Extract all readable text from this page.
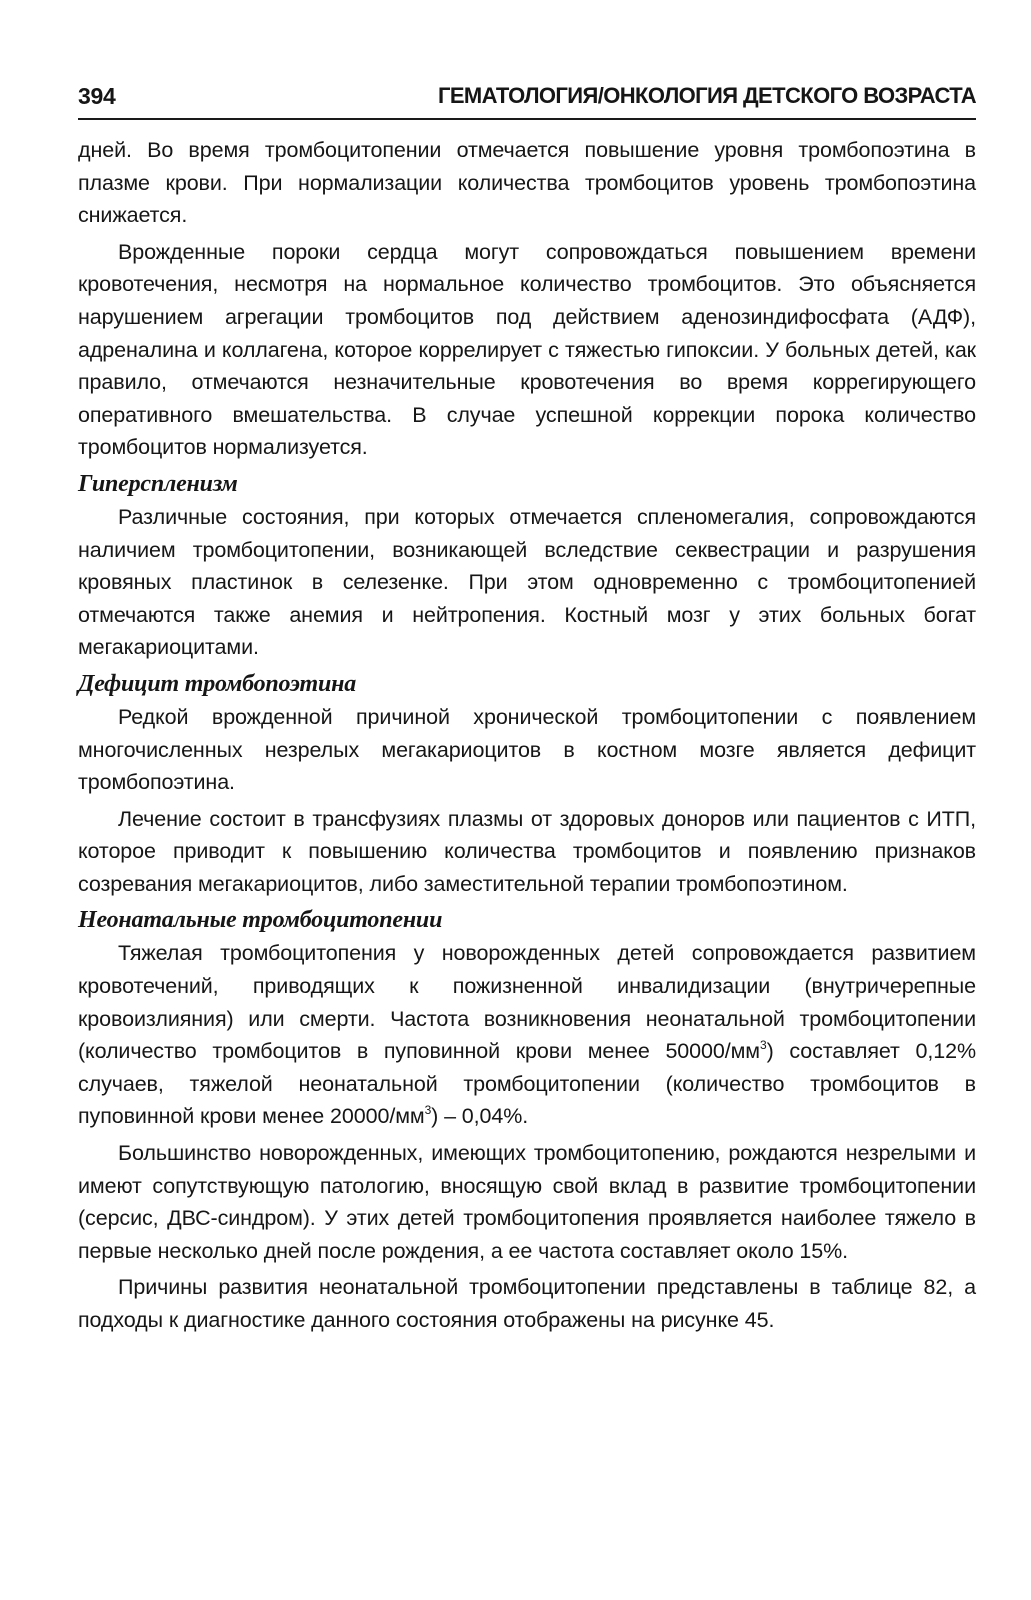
394	ГЕМАТОЛОГИЯ/ОНКОЛОГИЯ ДЕТСКОГО ВОЗРАСТА

дней. Во время тромбоцитопении отмечается повышение уровня тромбопоэтина в плазме крови. При нормализации количества тромбоцитов уровень тромбопоэтина снижается.

Врожденные пороки сердца могут сопровождаться повышением времени кровотечения, несмотря на нормальное количество тромбоцитов. Это объясняется нарушением агрегации тромбоцитов под действием аденозиндифосфата (АДФ), адреналина и коллагена, которое коррелирует с тяжестью гипоксии. У больных детей, как правило, отмечаются незначительные кровотечения во время коррегирующего оперативного вмешательства. В случае успешной коррекции порока количество тромбоцитов нормализуется.

Гиперспленизм

Различные состояния, при которых отмечается спленомегалия, сопровождаются наличием тромбоцитопении, возникающей вследствие секвестрации и разрушения кровяных пластинок в селезенке. При этом одновременно с тромбоцитопенией отмечаются также анемия и нейтропения. Костный мозг у этих больных богат мегакариоцитами.

Дефицит тромбопоэтина

Редкой врожденной причиной хронической тромбоцитопении с появлением многочисленных незрелых мегакариоцитов в костном мозге является дефицит тромбопоэтина.

Лечение состоит в трансфузиях плазмы от здоровых доноров или пациентов с ИТП, которое приводит к повышению количества тромбоцитов и появлению признаков созревания мегакариоцитов, либо заместительной терапии тромбопоэтином.

Неонатальные тромбоцитопении

Тяжелая тромбоцитопения у новорожденных детей сопровождается развитием кровотечений, приводящих к пожизненной инвалидизации (внутричерепные кровоизлияния) или смерти. Частота возникновения неонатальной тромбоцитопении (количество тромбоцитов в пуповинной крови менее $50000/мм^3$) составляет 0,12% случаев, тяжелой неонатальной тромбоцитопении (количество тромбоцитов в пуповинной крови менее $20000/мм^3) - 0,04\%$.

Большинство новорожденных, имеющих тромбоцитопению, рождаются незрелыми и имеют сопутствующую патологию, вносящую свой вклад в развитие тромбоцитопении (серсис, ДВС-синдром). У этих детей тромбоцитопения проявляется наиболее тяжело в первые несколько дней после рождения, а ее частота составляет около 15%.

Причины развития неонатальной тромбоцитопении представлены в таблице 82, а подходы к диагностике данного состояния отображены на рисунке 45.
